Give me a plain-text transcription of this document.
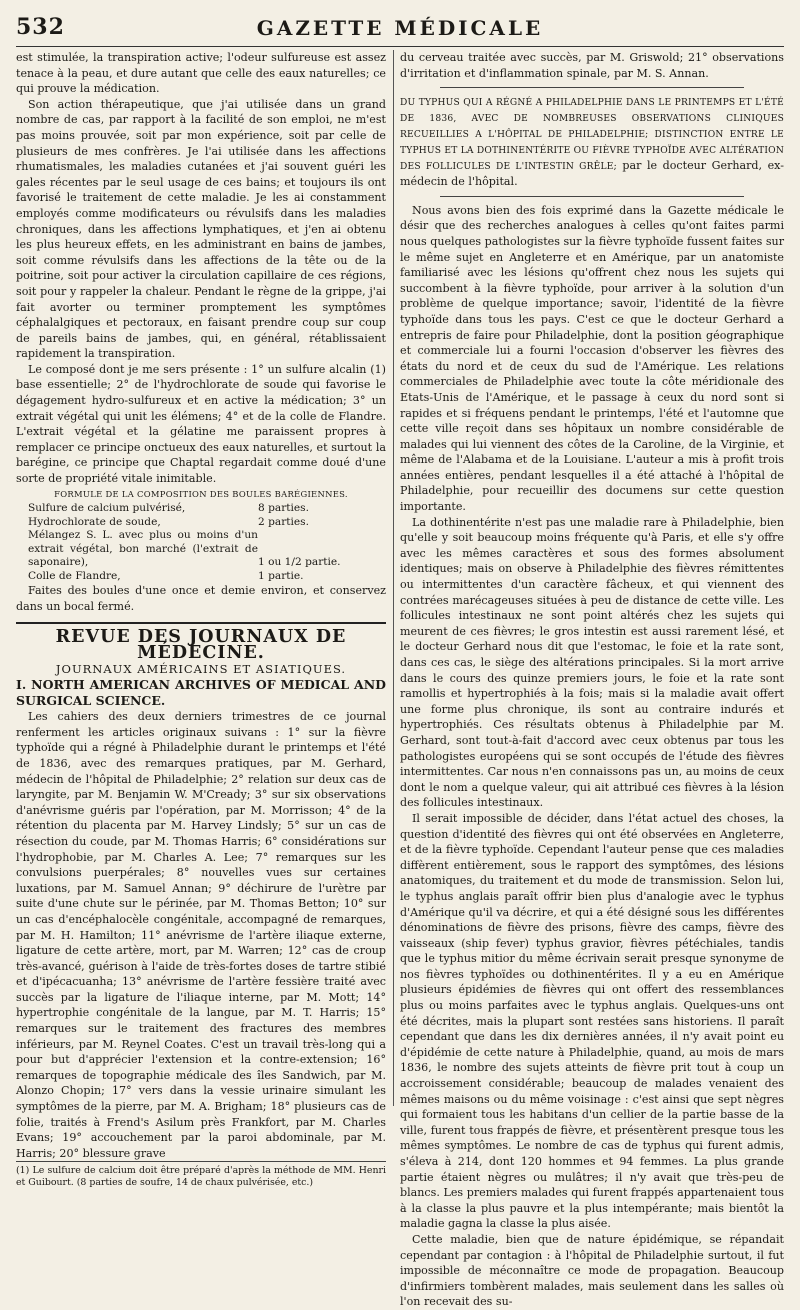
532	GAZETTE MÉDICALE

est stimulée, la transpiration active; l'odeur sulfureuse est assez tenace à la peau, et dure autant que celle des eaux naturelles; ce qui prouve la médication.

Son action thérapeutique, que j'ai utilisée dans un grand nombre de cas, par rapport à la facilité de son emploi, ne m'est pas moins prouvée, soit par mon expérience, soit par celle de plusieurs de mes confrères. Je l'ai utilisée dans les affections rhumatismales, les maladies cutanées et j'ai souvent guéri les gales récentes par le seul usage de ces bains; et toujours ils ont favorisé le traitement de cette maladie. Je les ai constamment employés comme modificateurs ou révulsifs dans les maladies chroniques, dans les affections lymphatiques, et j'en ai obtenu les plus heureux effets, en les administrant en bains de jambes, soit comme révulsifs dans les affections de la tête ou de la poitrine, soit pour activer la circulation capillaire de ces régions, soit pour y rappeler la chaleur. Pendant le règne de la grippe, j'ai fait avorter ou terminer promptement les symptômes céphalalgiques et pectoraux, en faisant prendre coup sur coup de pareils bains de jambes, qui, en général, rétablissaient rapidement la transpiration.

Le composé dont je me sers présente : 1° un sulfure alcalin (1) base essentielle; 2° de l'hydrochlorate de soude qui favorise le dégagement hydro-sulfureux et en active la médication; 3° un extrait végétal qui unit les élémens; 4° et de la colle de Flandre. L'extrait végétal et la gélatine me paraissent propres à remplacer ce principe onctueux des eaux naturelles, et surtout la barégine, ce principe que Chaptal regardait comme doué d'une sorte de propriété vitale inimitable.

FORMULE DE LA COMPOSITION DES BOULES BARÉGIENNES.

Sulfure de calcium pulvérisé,	8 parties.
Hydrochlorate de soude,	2 parties.
Mélangez S. L. avec plus ou moins d'un extrait végétal, bon marché (l'extrait de saponaire),	1 ou 1/2 partie.
Colle de Flandre,	1 partie.

Faites des boules d'une once et demie environ, et conservez dans un bocal fermé.

REVUE DES JOURNAUX DE MÉDECINE.

JOURNAUX AMÉRICAINS ET ASIATIQUES.

I. NORTH AMERICAN ARCHIVES OF MEDICAL AND SURGICAL SCIENCE.

Les cahiers des deux derniers trimestres de ce journal renferment les articles originaux suivans : 1° sur la fièvre typhoïde qui a régné à Philadelphie durant le printemps et l'été de 1836, avec des remarques pratiques, par M. Gerhard, médecin de l'hôpital de Philadelphie; 2° relation sur deux cas de laryngite, par M. Benjamin W. M'Cready; 3° sur six observations d'anévrisme guéris par l'opération, par M. Morrisson; 4° de la rétention du placenta par M. Harvey Lindsly; 5° sur un cas de résection du coude, par M. Thomas Harris; 6° considérations sur l'hydrophobie, par M. Charles A. Lee; 7° remarques sur les convulsions puerpérales; 8° nouvelles vues sur certaines luxations, par M. Samuel Annan; 9° déchirure de l'urètre par suite d'une chute sur le périnée, par M. Thomas Betton; 10° sur un cas d'encéphalocèle congénitale, accompagné de remarques, par M. H. Hamilton; 11° anévrisme de l'artère iliaque externe, ligature de cette artère, mort, par M. Warren; 12° cas de croup très-avancé, guérison à l'aide de très-fortes doses de tartre stibié et d'ipécacuanha; 13° anévrisme de l'artère fessière traité avec succès par la ligature de l'iliaque interne, par M. Mott; 14° hypertrophie congénitale de la langue, par M. T. Harris; 15° remarques sur le traitement des fractures des membres inférieurs, par M. Reynel Coates. C'est un travail très-long qui a pour but d'apprécier l'extension et la contre-extension; 16° remarques de topographie médicale des îles Sandwich, par M. Alonzo Chopin; 17° vers dans la vessie urinaire simulant les symptômes de la pierre, par M. A. Brigham; 18° plusieurs cas de folie, traités à Frend's Asilum près Frankfort, par M. Charles Evans; 19° accouchement par la paroi abdominale, par M. Harris; 20° blessure grave

(1) Le sulfure de calcium doit être préparé d'après la méthode de MM. Henri et Guibourt. (8 parties de soufre, 14 de chaux pulvérisée, etc.)

du cerveau traitée avec succès, par M. Griswold; 21° observations d'irritation et d'inflammation spinale, par M. S. Annan.

DU TYPHUS QUI A RÉGNÉ A PHILADELPHIE DANS LE PRINTEMPS ET L'ÉTÉ DE 1836, AVEC DE NOMBREUSES OBSERVATIONS CLINIQUES RECUEILLIES A L'HÔPITAL DE PHILADELPHIE; DISTINCTION ENTRE LE TYPHUS ET LA DOTHINENTÉRITE OU FIÈVRE TYPHOÏDE AVEC ALTÉRATION DES FOLLICULES DE L'INTESTIN GRÊLE; par le docteur Gerhard, ex-médecin de l'hôpital.

Nous avons bien des fois exprimé dans la Gazette médicale le désir que des recherches analogues à celles qu'ont faites parmi nous quelques pathologistes sur la fièvre typhoïde fussent faites sur le même sujet en Angleterre et en Amérique, par un anatomiste familiarisé avec les lésions qu'offrent chez nous les sujets qui succombent à la fièvre typhoïde, pour arriver à la solution d'un problème de quelque importance; savoir, l'identité de la fièvre typhoïde dans tous les pays. C'est ce que le docteur Gerhard a entrepris de faire pour Philadelphie, dont la position géographique et commerciale lui a fourni l'occasion d'observer les fièvres des états du nord et de ceux du sud de l'Amérique. Les relations commerciales de Philadelphie avec toute la côte méridionale des Etats-Unis de l'Amérique, et le passage à ceux du nord sont si rapides et si fréquens pendant le printemps, l'été et l'automne que cette ville reçoit dans ses hôpitaux un nombre considérable de malades qui lui viennent des côtes de la Caroline, de la Virginie, et même de l'Alabama et de la Louisiane. L'auteur a mis à profit trois années entières, pendant lesquelles il a été attaché à l'hôpital de Philadelphie, pour recueillir des documens sur cette question importante.

La dothinentérite n'est pas une maladie rare à Philadelphie, bien qu'elle y soit beaucoup moins fréquente qu'à Paris, et elle s'y offre avec les mêmes caractères et sous des formes absolument identiques; mais on observe à Philadelphie des fièvres rémittentes ou intermittentes d'un caractère fâcheux, et qui viennent des contrées marécageuses situées à peu de distance de cette ville. Les follicules intestinaux ne sont point altérés chez les sujets qui meurent de ces fièvres; le gros intestin est aussi rarement lésé, et le docteur Gerhard nous dit que l'estomac, le foie et la rate sont, dans ces cas, le siège des altérations principales. Si la mort arrive dans le cours des quinze premiers jours, le foie et la rate sont ramollis et hypertrophiés à la fois; mais si la maladie avait offert une forme plus chronique, ils sont au contraire indurés et hypertrophiés. Ces résultats obtenus à Philadelphie par M. Gerhard, sont tout-à-fait d'accord avec ceux obtenus par tous les pathologistes européens qui se sont occupés de l'étude des fièvres intermittentes. Car nous n'en connaissons pas un, au moins de ceux dont le nom a quelque valeur, qui ait attribué ces fièvres à la lésion des follicules intestinaux.

Il serait impossible de décider, dans l'état actuel des choses, la question d'identité des fièvres qui ont été observées en Angleterre, et de la fièvre typhoïde. Cependant l'auteur pense que ces maladies diffèrent entièrement, sous le rapport des symptômes, des lésions anatomiques, du traitement et du mode de transmission. Selon lui, le typhus anglais paraît offrir bien plus d'analogie avec le typhus d'Amérique qu'il va décrire, et qui a été désigné sous les différentes dénominations de fièvre des prisons, fièvre des camps, fièvre des vaisseaux (ship fever) typhus gravior, fièvres pétéchiales, tandis que le typhus mitior du même écrivain serait presque synonyme de nos fièvres typhoïdes ou dothinentérites. Il y a eu en Amérique plusieurs épidémies de fièvres qui ont offert des ressemblances plus ou moins parfaites avec le typhus anglais. Quelques-uns ont été décrites, mais la plupart sont restées sans historiens. Il paraît cependant que dans les dix dernières années, il n'y avait point eu d'épidémie de cette nature à Philadelphie, quand, au mois de mars 1836, le nombre des sujets atteints de fièvre prit tout à coup un accroissement considérable; beaucoup de malades venaient des mêmes maisons ou du même voisinage : c'est ainsi que sept nègres qui formaient tous les habitans d'un cellier de la partie basse de la ville, furent tous frappés de fièvre, et présentèrent presque tous les mêmes symptômes. Le nombre de cas de typhus qui furent admis, s'éleva à 214, dont 120 hommes et 94 femmes. La plus grande partie étaient nègres ou mulâtres; il n'y avait que très-peu de blancs. Les premiers malades qui furent frappés appartenaient tous à la classe la plus pauvre et la plus intempérante; mais bientôt la maladie gagna la classe la plus aisée.

Cette maladie, bien que de nature épidémique, se répandait cependant par contagion : à l'hôpital de Philadelphie surtout, il fut impossible de méconnaître ce mode de propagation. Beaucoup d'infirmiers tombèrent malades, mais seulement dans les salles où l'on recevait des su-
